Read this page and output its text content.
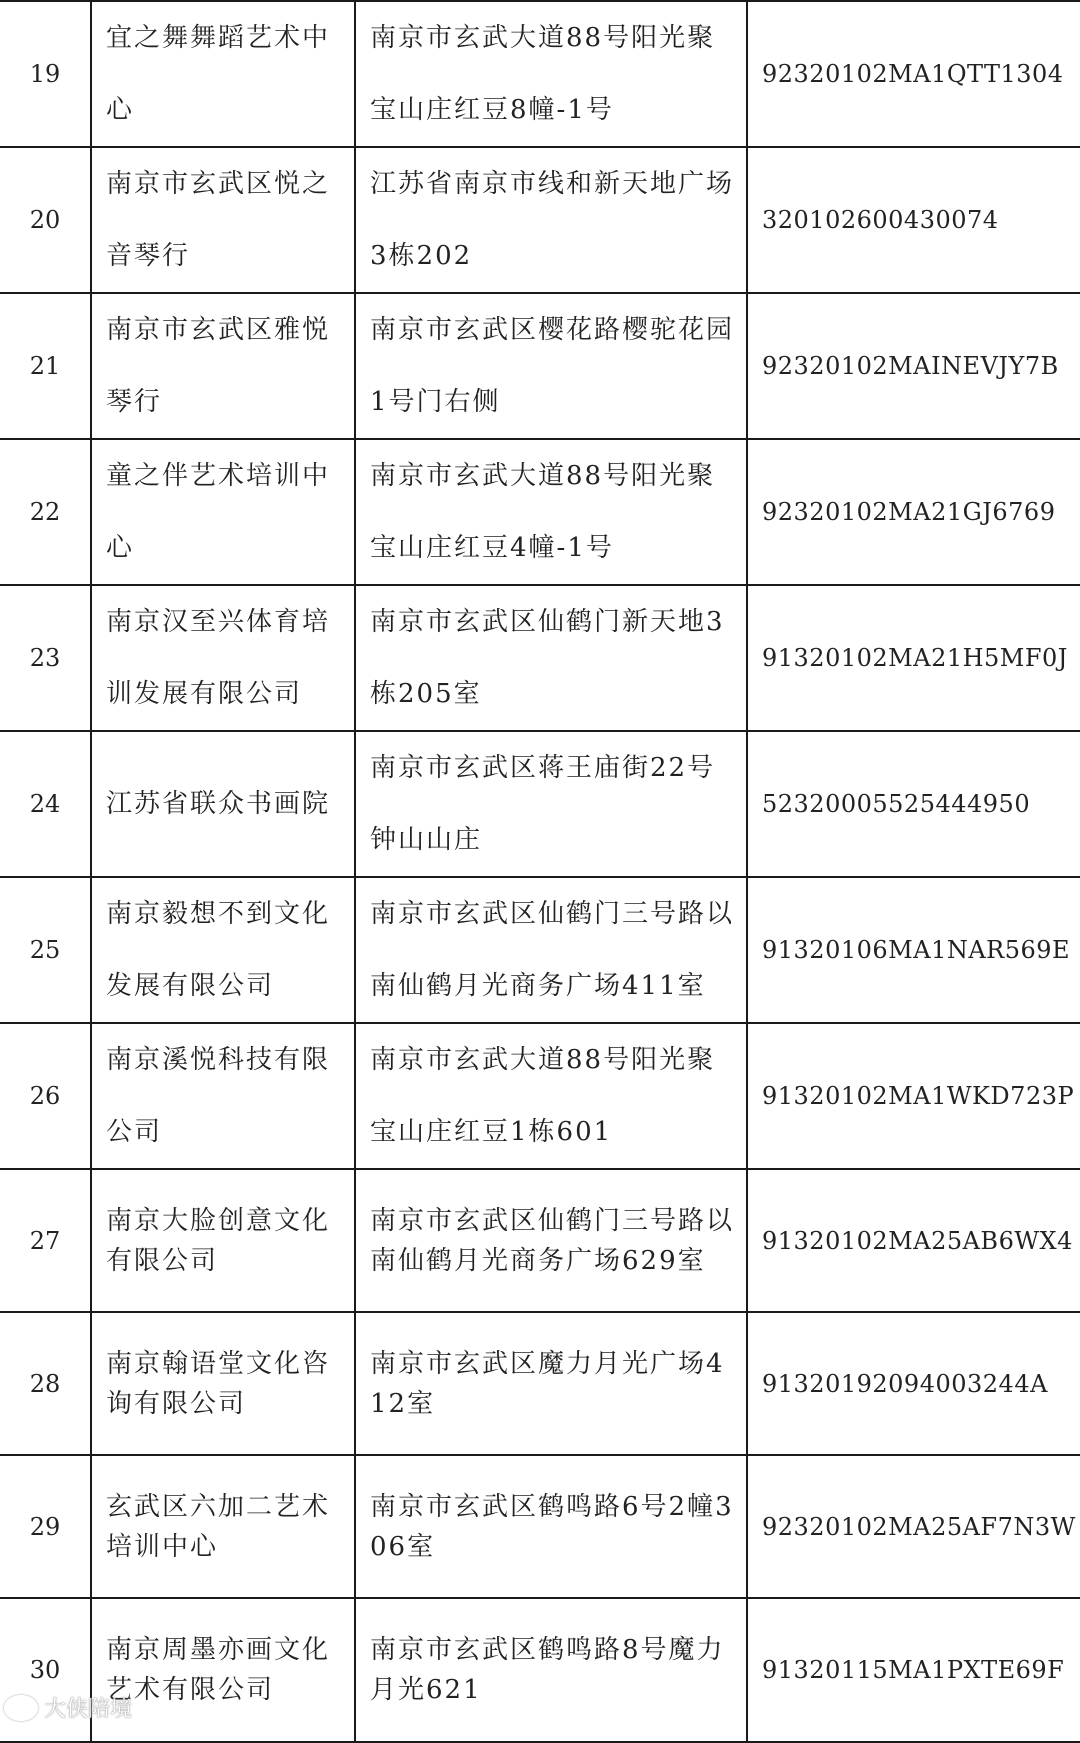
19	宜之舞舞蹈艺术中心	南京市玄武大道88号阳光聚宝山庄红豆8幢-1号	92320102MA1QTT1304
20	南京市玄武区悦之音琴行	江苏省南京市线和新天地广场3栋202	320102600430074
21	南京市玄武区雅悦琴行	南京市玄武区樱花路樱驼花园1号门右侧	92320102MAINEVJY7B
22	童之伴艺术培训中心	南京市玄武大道88号阳光聚宝山庄红豆4幢-1号	92320102MA21GJ6769
23	南京汉至兴体育培训发展有限公司	南京市玄武区仙鹤门新天地3栋205室	91320102MA21H5MF0J
24	江苏省联众书画院	南京市玄武区蒋王庙街22号钟山山庄	52320005525444950
25	南京毅想不到文化发展有限公司	南京市玄武区仙鹤门三号路以南仙鹤月光商务广场411室	91320106MA1NAR569E
26	南京溪悦科技有限公司	南京市玄武大道88号阳光聚宝山庄红豆1栋601	91320102MA1WKD723P
27	南京大脸创意文化有限公司	南京市玄武区仙鹤门三号路以南仙鹤月光商务广场629室	91320102MA25AB6WX4
28	南京翰语堂文化咨询有限公司	南京市玄武区魔力月光广场412室	91320192094003244A
29	玄武区六加二艺术培训中心	南京市玄武区鹤鸣路6号2幢306室	92320102MA25AF7N3W
30	南京周墨亦画文化艺术有限公司	南京市玄武区鹤鸣路8号魔力月光621	91320115MA1PXTE69F
大侠陪境
